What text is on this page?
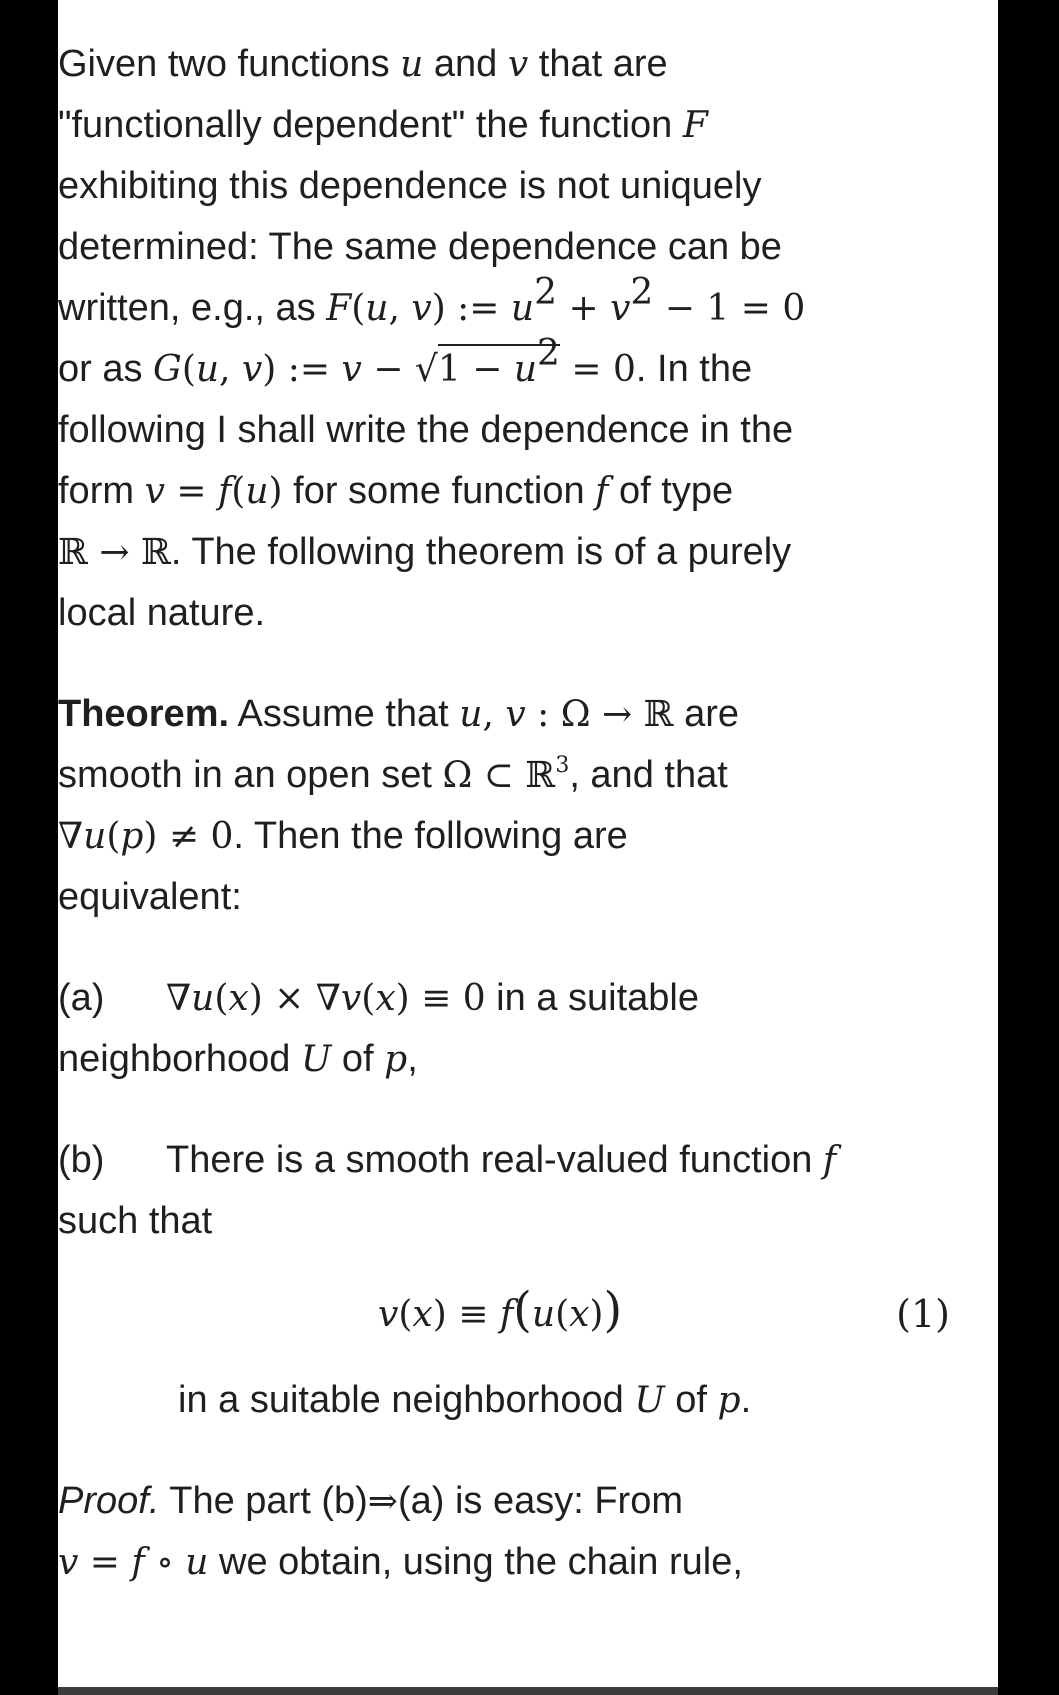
Given two functions u and v that are
"functionally dependent" the function F
exhibiting this dependence is not uniquely
determined: The same dependence can be
written, e.g., as F(u, v) := $u^2 + v^2 - 1 = 0$
or as G(u, v) := $v - √1 - u^2 = 0$. In the
following I shall write the dependence in the
form v = f(u) for some function f of type
ℝ → ℝ. The following theorem is of a purely
local nature.

Theorem. Assume that u, v : Ω → ℝ are
smooth in an open set Ω ⊂ ℝ$^3$, and that
∇u(p) ≠ 0. Then the following are
equivalent:

(a) ∇u(x) × ∇v(x) ≡ 0 in a suitable
neighborhood U of p,

(b) There is a smooth real-valued function f
such that

v(x) ≡ f(u(x))	(1)

in a suitable neighborhood U of p.

Proof. The part (b)⇒(a) is easy: From
v = f ∘ u we obtain, using the chain rule,
